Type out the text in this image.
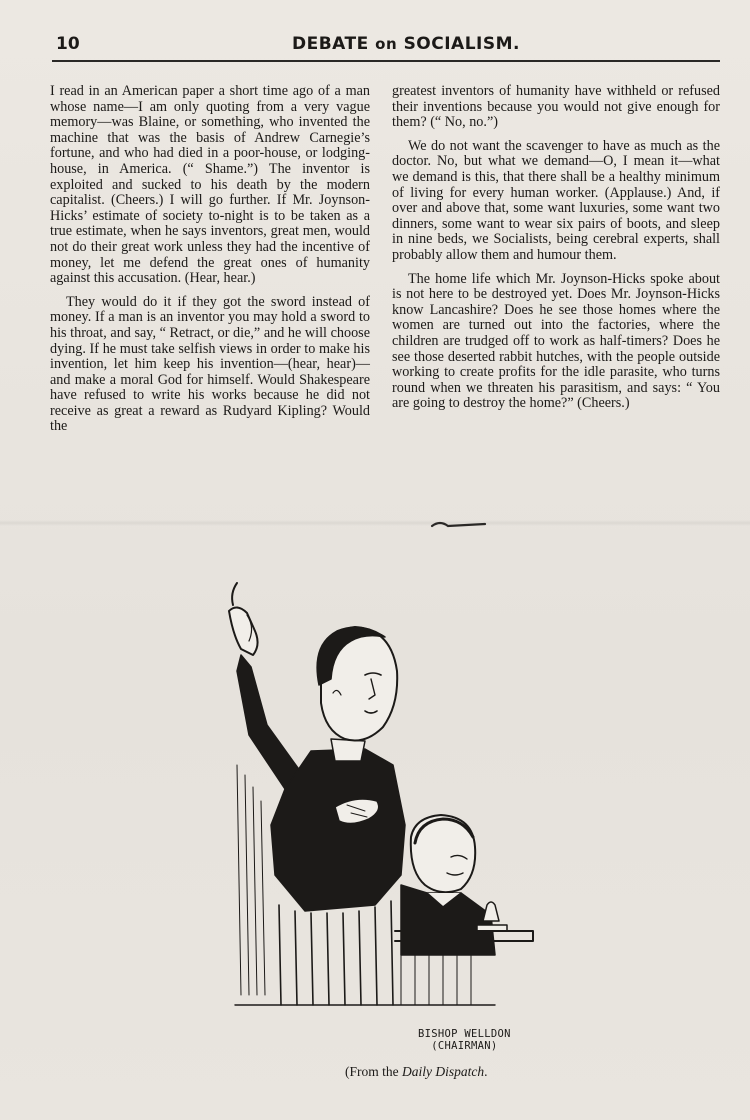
10	DEBATE on SOCIALISM.

I read in an American paper a short time ago of a man whose name—I am only quoting from a very vague memory—was Blaine, or something, who invented the machine that was the basis of Andrew Carnegie’s fortune, and who had died in a poor-house, or lodging-house, in America. (“ Shame.”) The inventor is exploited and sucked to his death by the modern capitalist. (Cheers.) I will go further. If Mr. Joynson-Hicks’ estimate of society to-night is to be taken as a true estimate, when he says inventors, great men, would not do their great work unless they had the incentive of money, let me defend the great ones of humanity against this accusation. (Hear, hear.)

They would do it if they got the sword instead of money. If a man is an inventor you may hold a sword to his throat, and say, “ Retract, or die,” and he will choose dying. If he must take selfish views in order to make his invention, let him keep his invention—(hear, hear)—and make a moral God for himself. Would Shakespeare have refused to write his works because he did not receive as great a reward as Rudyard Kipling? Would the

greatest inventors of humanity have withheld or refused their inventions because you would not give enough for them? (“ No, no.”)

We do not want the scavenger to have as much as the doctor. No, but what we demand—O, I mean it—what we demand is this, that there shall be a healthy minimum of living for every human worker. (Applause.) And, if over and above that, some want luxuries, some want two dinners, some want to wear six pairs of boots, and sleep in nine beds, we Socialists, being cerebral experts, shall probably allow them and humour them.

The home life which Mr. Joynson-Hicks spoke about is not here to be destroyed yet. Does Mr. Joynson-Hicks know Lancashire? Does he see those homes where the women are turned out into the factories, where the children are trudged off to work as half-timers? Does he see those deserted rabbit hutches, with the people outside working to create profits for the idle parasite, who turns round when we threaten his parasitism, and says: “ You are going to destroy the home?” (Cheers.)

BISHOP WELLDON
(CHAIRMAN)
(From the Daily Dispatch.
